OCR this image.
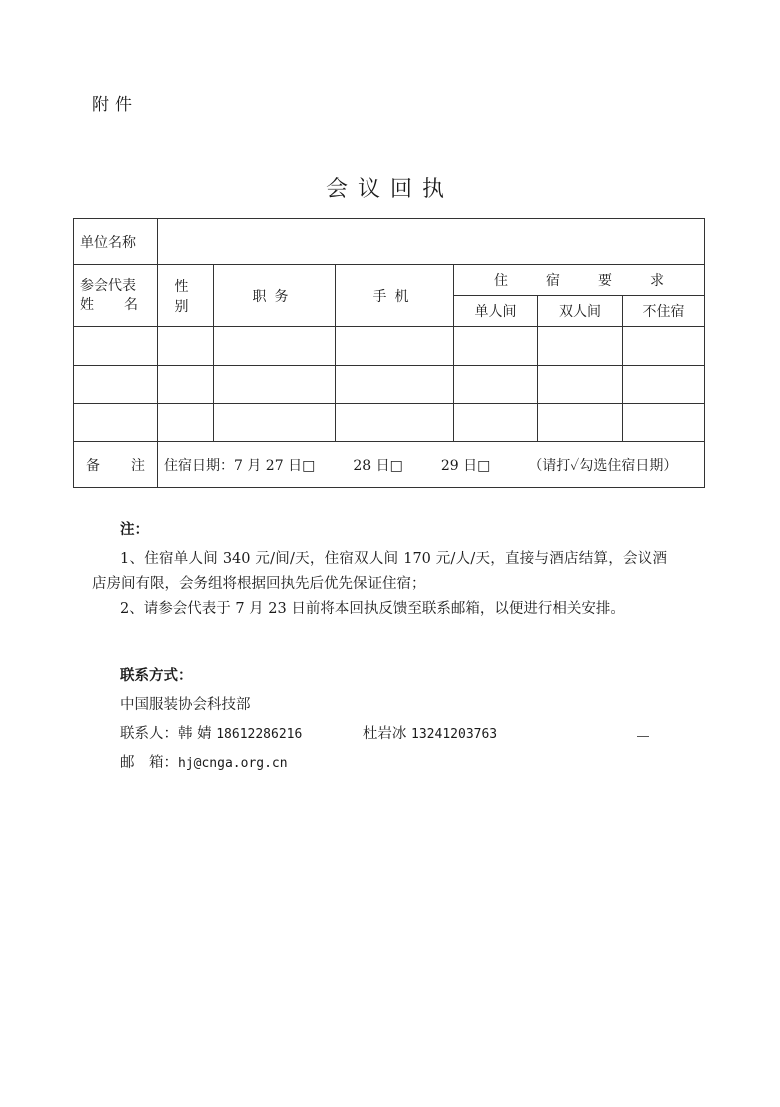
附件
会议回执
单位名称						

参会代表
姓 名	性别	职务	手机	住 宿 要 求		
				单人间	双人间	不住宿

备 注	住宿日期：7 月 27 日□ 28 日□ 29 日□ （请打✓勾选住宿日期）					
注：

1、住宿单人间 340 元/间/天，住宿双人间 170 元/人/天，直接与酒店结算，会议酒店房间有限，会务组将根据回执先后优先保证住宿；

2、请参会代表于 7 月 23 日前将本回执反馈至联系邮箱，以便进行相关安排。

联系方式：
中国服装协会科技部
联系人：韩 婧 18612286216	杜岩冰 13241203763
邮　箱：hj@cnga.org.cn
